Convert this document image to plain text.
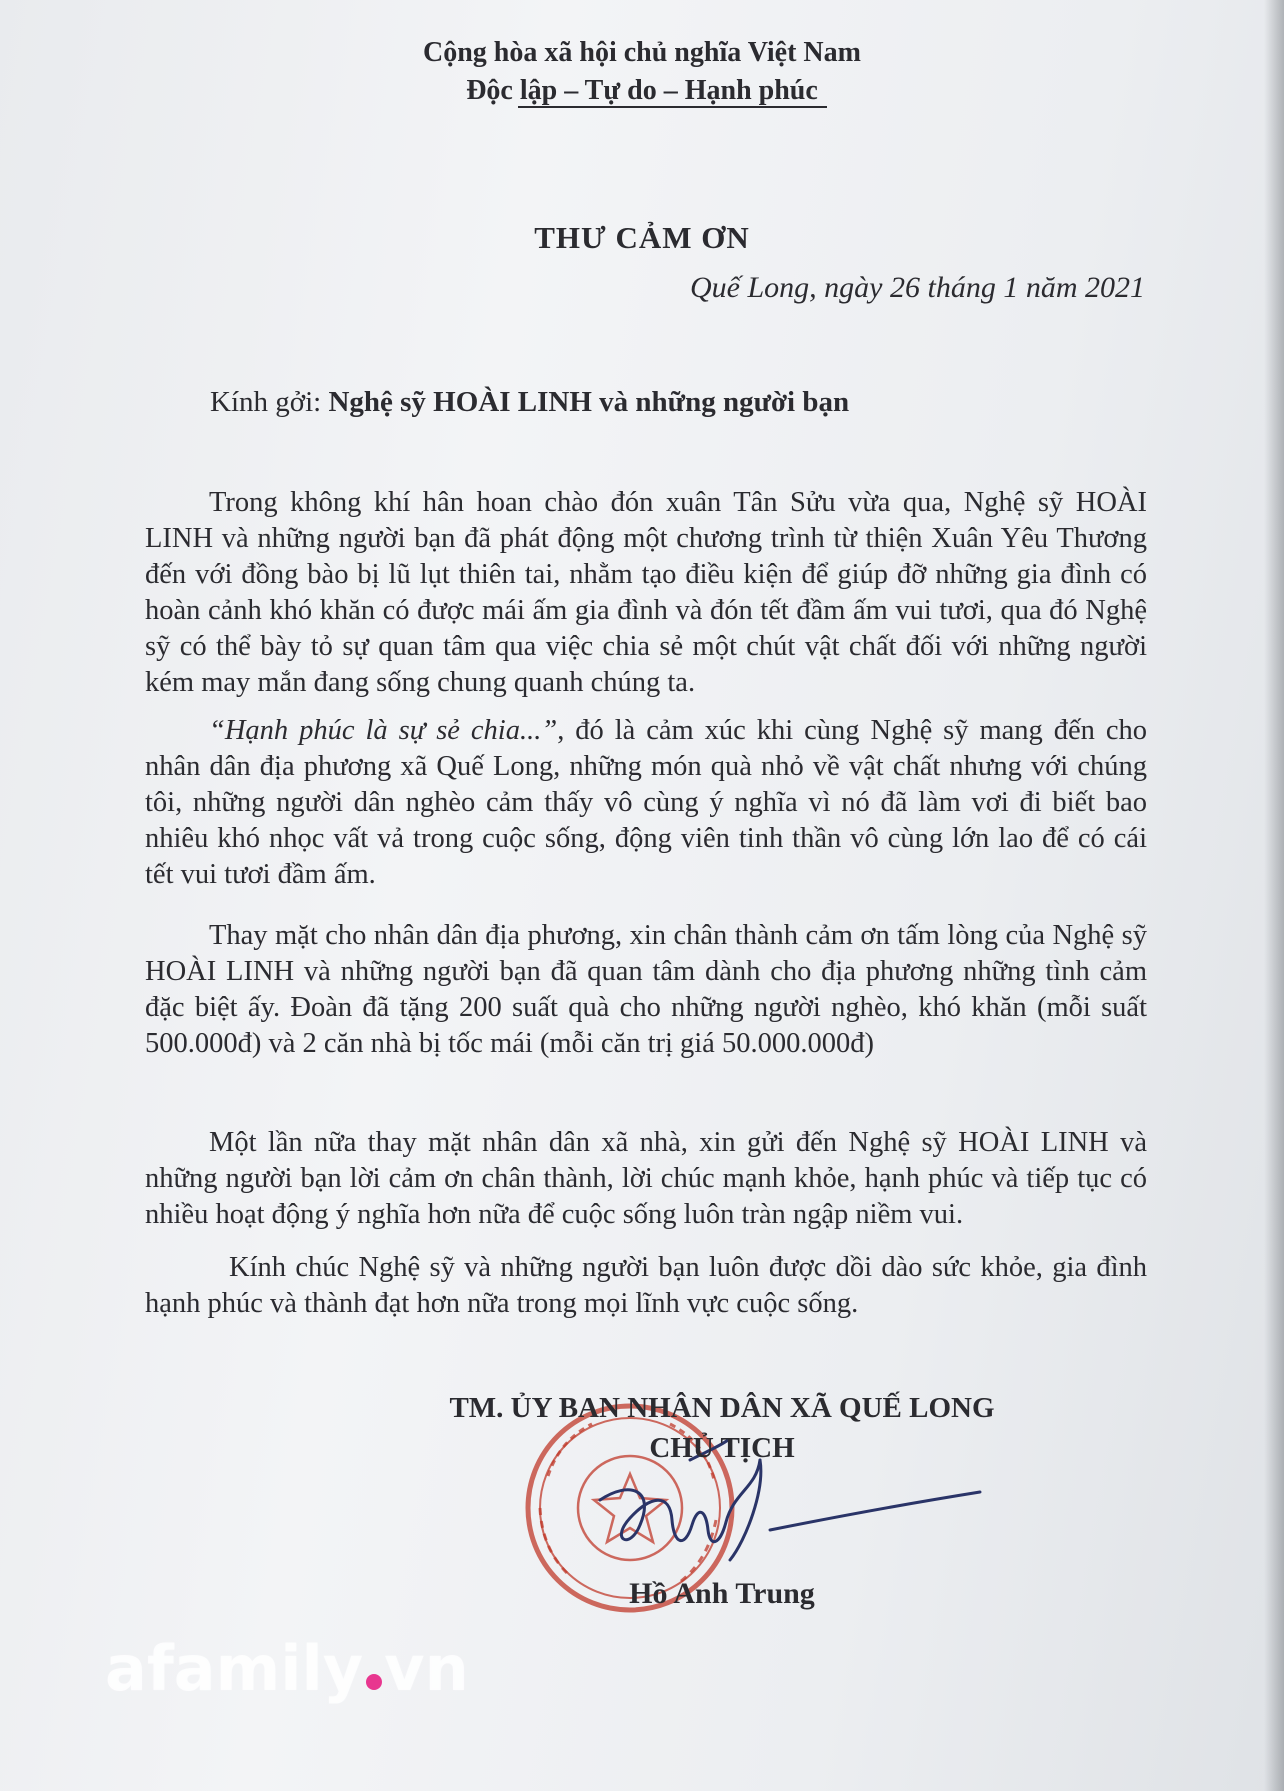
Cộng hòa xã hội chủ nghĩa Việt Nam
Độc lập – Tự do – Hạnh phúc
THƯ CẢM ƠN
Quế Long, ngày 26 tháng 1 năm 2021
Kính gởi: Nghệ sỹ HOÀI LINH và những người bạn
Trong không khí hân hoan chào đón xuân Tân Sửu vừa qua, Nghệ sỹ HOÀI LINH và những người bạn đã phát động một chương trình từ thiện Xuân Yêu Thương đến với đồng bào bị lũ lụt thiên tai, nhằm tạo điều kiện để giúp đỡ những gia đình có hoàn cảnh khó khăn có được mái ấm gia đình và đón tết đầm ấm vui tươi, qua đó Nghệ sỹ có thể bày tỏ sự quan tâm qua việc chia sẻ một chút vật chất đối với những người kém may mắn đang sống chung quanh chúng ta.
“Hạnh phúc là sự sẻ chia...”, đó là cảm xúc khi cùng Nghệ sỹ mang đến cho nhân dân địa phương xã Quế Long, những món quà nhỏ về vật chất nhưng với chúng tôi, những người dân nghèo cảm thấy vô cùng ý nghĩa vì nó đã làm vơi đi biết bao nhiêu khó nhọc vất vả trong cuộc sống, động viên tinh thần vô cùng lớn lao để có cái tết vui tươi đầm ấm.
Thay mặt cho nhân dân địa phương, xin chân thành cảm ơn tấm lòng của Nghệ sỹ HOÀI LINH và những người bạn đã quan tâm dành cho địa phương những tình cảm đặc biệt ấy. Đoàn đã tặng 200 suất quà cho những người nghèo, khó khăn (mỗi suất 500.000đ) và 2 căn nhà bị tốc mái (mỗi căn trị giá 50.000.000đ)
Một lần nữa thay mặt nhân dân xã nhà, xin gửi đến Nghệ sỹ HOÀI LINH và những người bạn lời cảm ơn chân thành, lời chúc mạnh khỏe, hạnh phúc và tiếp tục có nhiều hoạt động ý nghĩa hơn nữa để cuộc sống luôn tràn ngập niềm vui.
Kính chúc Nghệ sỹ và những người bạn luôn được dồi dào sức khỏe, gia đình hạnh phúc và thành đạt hơn nữa trong mọi lĩnh vực cuộc sống.
TM. ỦY BAN NHÂN DÂN XÃ QUẾ LONG
CHỦ TỊCH
Hồ Anh Trung
afamily vn
